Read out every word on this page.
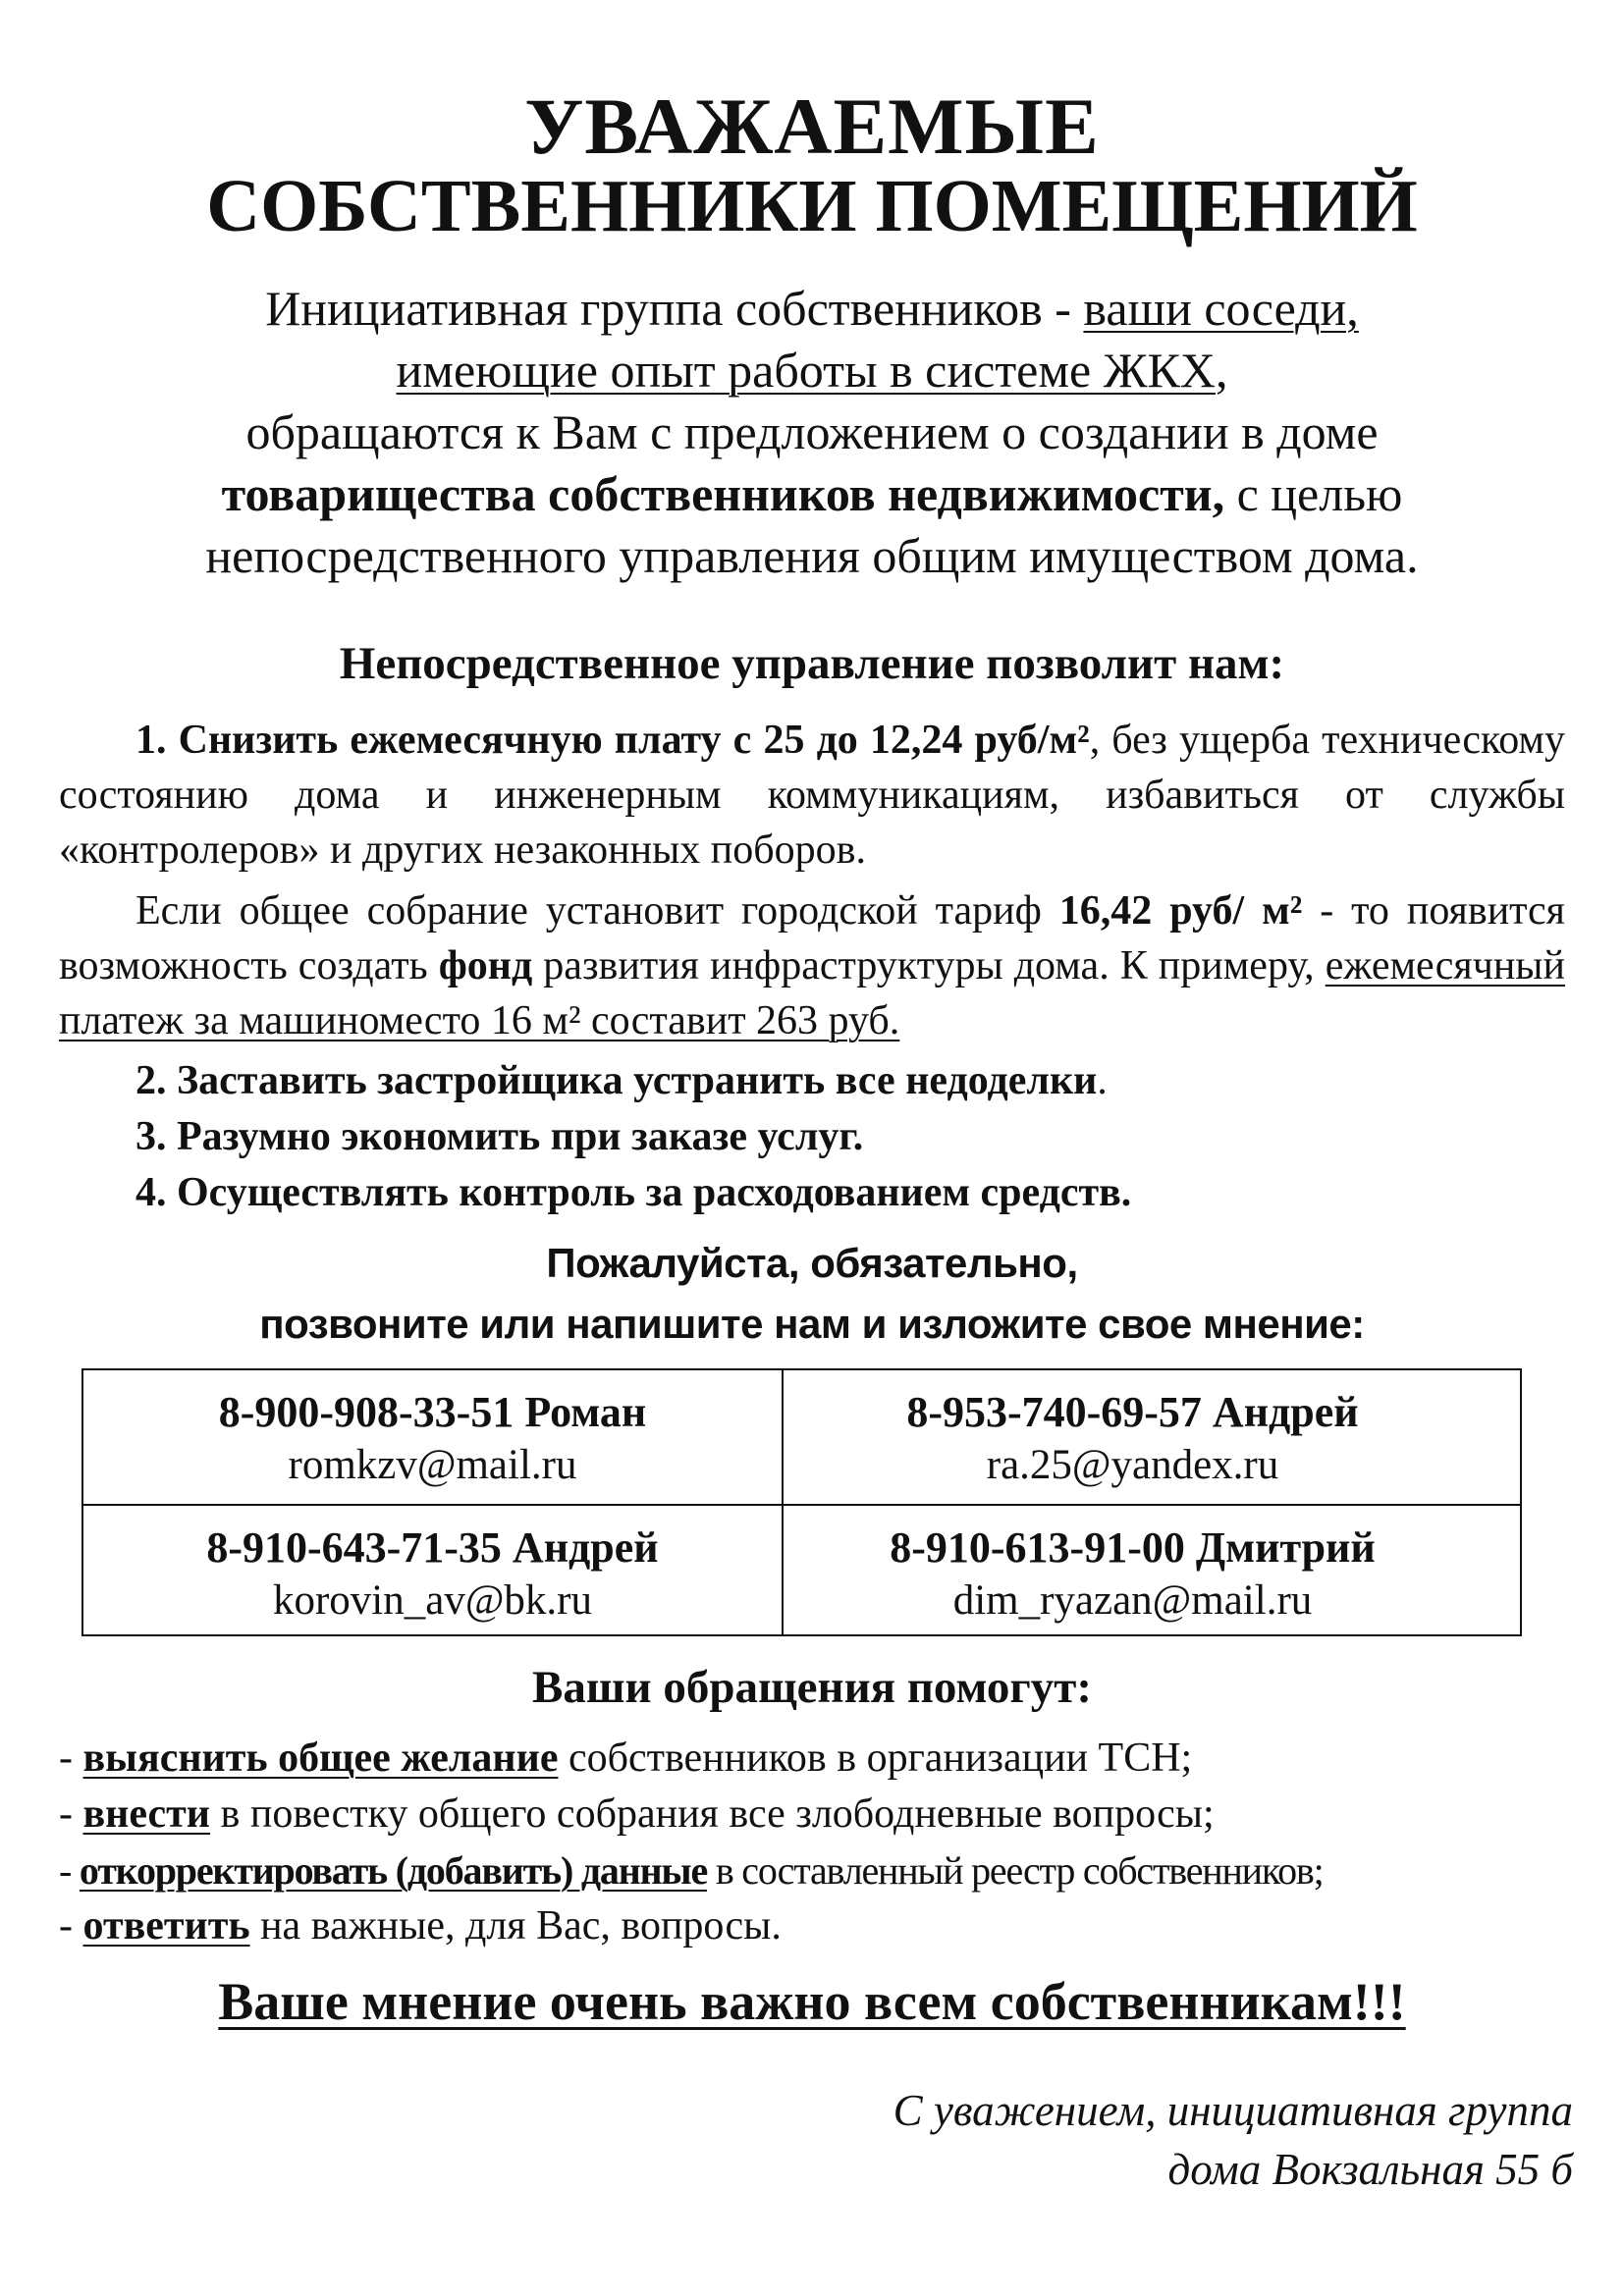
УВАЖАЕМЫЕ
СОБСТВЕННИКИ ПОМЕЩЕНИЙ
Инициативная группа собственников - ваши соседи,
имеющие опыт работы в системе ЖКХ,
обращаются к Вам с предложением о создании в доме
товарищества собственников недвижимости, с целью непосредственного управления общим имуществом дома.
Непосредственное управление позволит нам:
1. Снизить ежемесячную плату с 25 до 12,24 руб/м², без ущерба техническому состоянию дома и инженерным коммуникациям, избавиться от службы «контролеров» и других незаконных поборов.
Если общее собрание установит городской тариф 16,42 руб/ м² - то появится возможность создать фонд развития инфраструктуры дома. К примеру, ежемесячный платеж за машиноместо 16 м² составит 263 руб.
2. Заставить застройщика устранить все недоделки.
3. Разумно экономить при заказе услуг.
4. Осуществлять контроль за расходованием средств.
Пожалуйста, обязательно,
позвоните или напишите нам и изложите свое мнение:
8-900-908-33-51 Роман
romkzv@mail.ru
8-953-740-69-57 Андрей
ra.25@yandex.ru
8-910-643-71-35 Андрей
korovin_av@bk.ru
8-910-613-91-00 Дмитрий
dim_ryazan@mail.ru
Ваши обращения помогут:
- выяснить общее желание собственников в организации ТСН;
- внести в повестку общего собрания все злободневные вопросы;
- откорректировать (добавить) данные в составленный реестр собственников;
- ответить на важные, для Вас, вопросы.
Ваше мнение очень важно всем собственникам!!!
С уважением, инициативная группа
дома Вокзальная 55 б
